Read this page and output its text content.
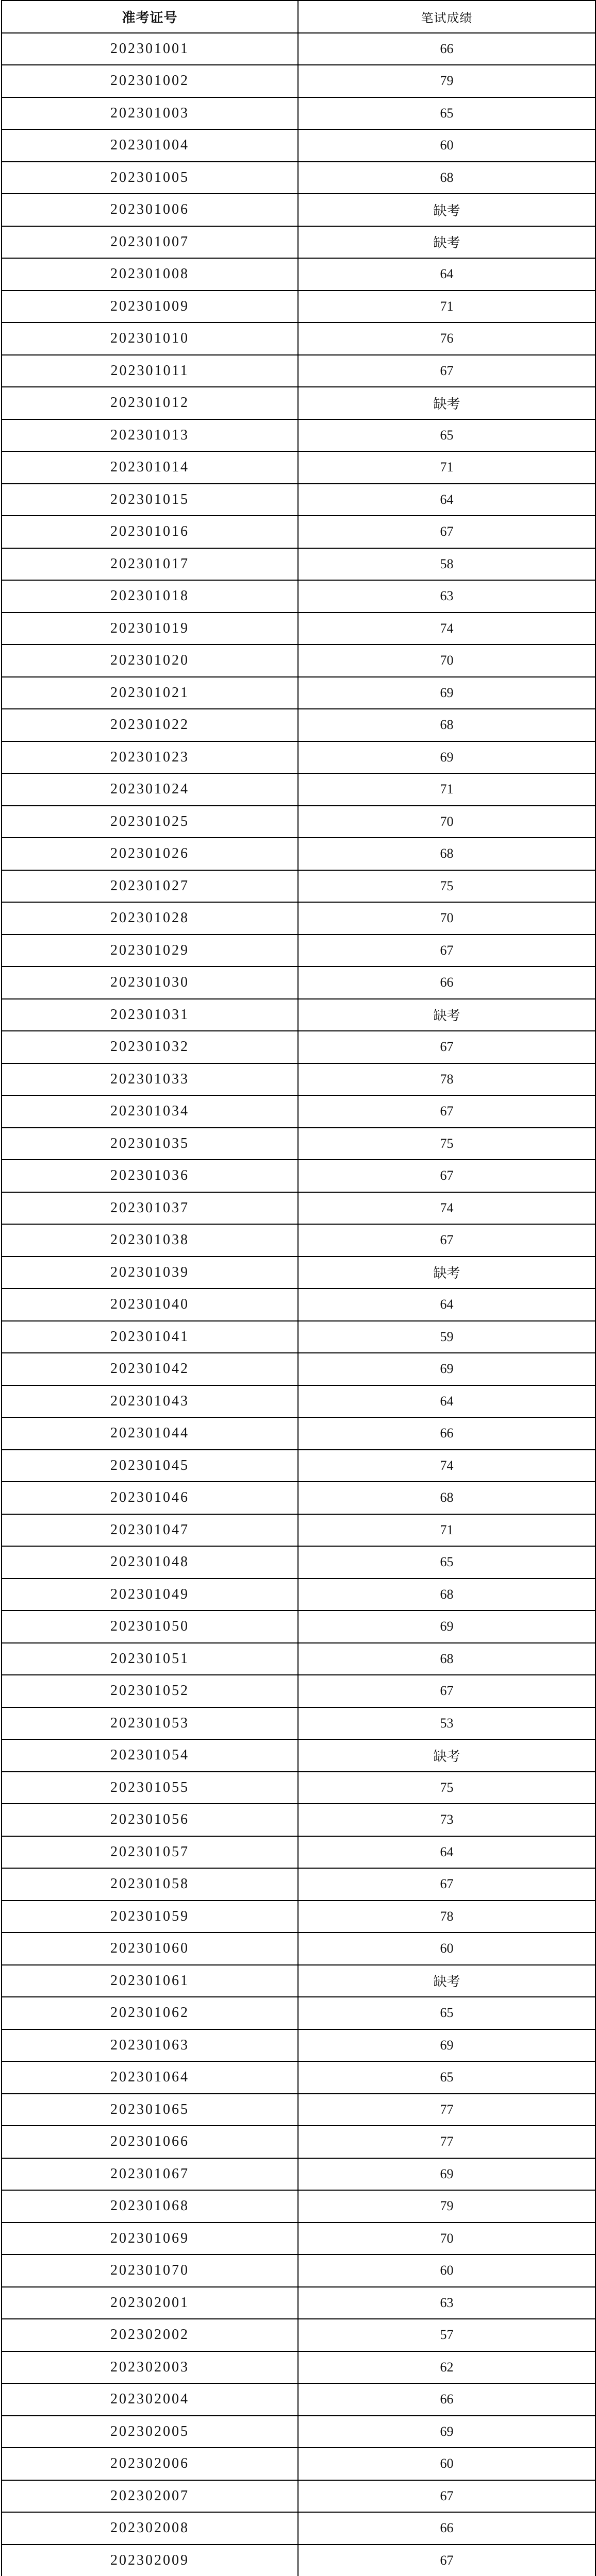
准考证号	笔试成绩
202301001	66
202301002	79
202301003	65
202301004	60
202301005	68
202301006	缺考
202301007	缺考
202301008	64
202301009	71
202301010	76
202301011	67
202301012	缺考
202301013	65
202301014	71
202301015	64
202301016	67
202301017	58
202301018	63
202301019	74
202301020	70
202301021	69
202301022	68
202301023	69
202301024	71
202301025	70
202301026	68
202301027	75
202301028	70
202301029	67
202301030	66
202301031	缺考
202301032	67
202301033	78
202301034	67
202301035	75
202301036	67
202301037	74
202301038	67
202301039	缺考
202301040	64
202301041	59
202301042	69
202301043	64
202301044	66
202301045	74
202301046	68
202301047	71
202301048	65
202301049	68
202301050	69
202301051	68
202301052	67
202301053	53
202301054	缺考
202301055	75
202301056	73
202301057	64
202301058	67
202301059	78
202301060	60
202301061	缺考
202301062	65
202301063	69
202301064	65
202301065	77
202301066	77
202301067	69
202301068	79
202301069	70
202301070	60
202302001	63
202302002	57
202302003	62
202302004	66
202302005	69
202302006	60
202302007	67
202302008	66
202302009	67
